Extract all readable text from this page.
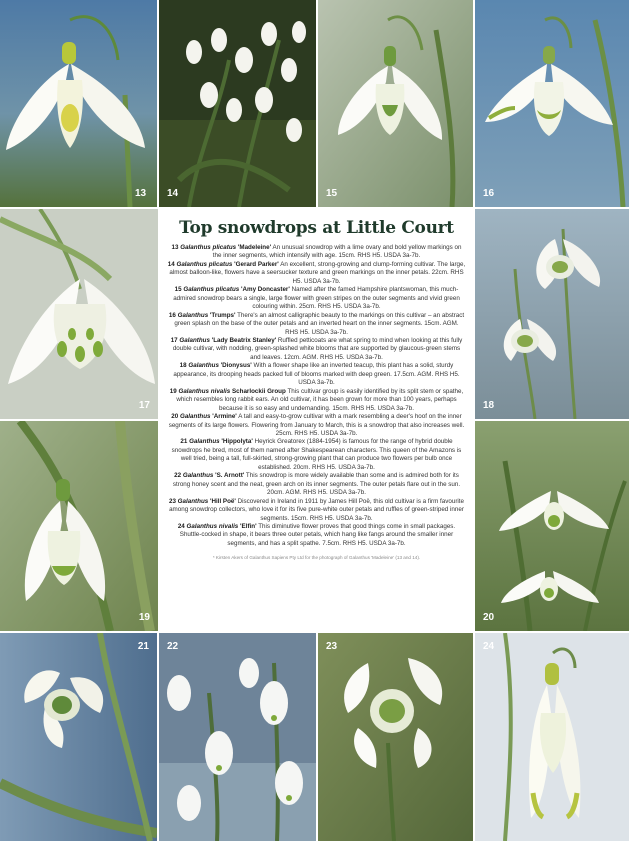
13 14	15	16
17	18
19	20
21 22	23	24
Top snowdrops at Little Court

13 Galanthus plicatus 'Madeleine' An unusual snowdrop with a lime ovary and bold yellow markings on the inner segments, which intensify with age. 15cm. RHS H5. USDA 3a-7b.

14 Galanthus plicatus 'Gerard Parker' An excellent, strong-growing and clump-forming cultivar. The large, almost balloon-like, flowers have a seersucker texture and green markings on the inner petals. 22cm. RHS H5. USDA 3a-7b.

15 Galanthus plicatus 'Amy Doncaster' Named after the famed Hampshire plantswoman, this much-admired snowdrop bears a single, large flower with green stripes on the outer segments and vivid green colouring within. 25cm. RHS H5. USDA 3a-7b.

16 Galanthus 'Trumps' There's an almost calligraphic beauty to the markings on this cultivar – an abstract green splash on the base of the outer petals and an inverted heart on the inner segments. 15cm. AGM. RHS H5. USDA 3a-7b.

17 Galanthus 'Lady Beatrix Stanley' Ruffled petticoats are what spring to mind when looking at this fully double cultivar, with nodding, green-splashed white blooms that are supported by glaucous-green stems and leaves. 12cm. AGM. RHS H5. USDA 3a-7b.

18 Galanthus 'Dionysus' With a flower shape like an inverted teacup, this plant has a solid, sturdy appearance, its drooping heads packed full of blooms marked with deep green. 17.5cm. AGM. RHS H5. USDA 3a-7b.

19 Galanthus nivalis Scharlockii Group This cultivar group is easily identified by its split stem or spathe, which resembles long rabbit ears. An old cultivar, it has been grown for more than 100 years, perhaps because it is so easy and undemanding. 15cm. RHS H5. USDA 3a-7b.

20 Galanthus 'Armine' A tall and easy-to-grow cultivar with a mark resembling a deer's hoof on the inner segments of its large flowers. Flowering from January to March, this is a snowdrop that also increases well. 25cm. RHS H5. USDA 3a-7b.

21 Galanthus 'Hippolyta' Heyrick Greatorex (1884-1954) is famous for the range of hybrid double snowdrops he bred, most of them named after Shakespearean characters. This queen of the Amazons is well tried, being a tall, full-skirted, strong-growing plant that can produce two flowers per bulb once established. 20cm. RHS H5. USDA 3a-7b.

22 Galanthus 'S. Arnott' This snowdrop is more widely available than some and is admired both for its strong honey scent and the neat, green arch on its inner segments. The outer petals flare out in the sun. 20cm. AGM. RHS H5. USDA 3a-7b.

23 Galanthus 'Hill Poë' Discovered in Ireland in 1911 by James Hill Poë, this old cultivar is a firm favourite among snowdrop collectors, who love it for its five pure-white outer petals and ruffles of green-striped inner segments. 15cm. RHS H5. USDA 3a-7b.

24 Galanthus nivalis 'Elfin' This diminutive flower proves that good things come in small packages. Shuttle-cocked in shape, it bears three outer petals, which hang like fangs around the smaller inner segments, and has a split spathe. 7.5cm. RHS H5. USDA 3a-7b.

* Kirsten Akers of Galanthus Sapiens Pty Ltd for the photograph of Galanthus 'Madeleine' (13 and 14).
